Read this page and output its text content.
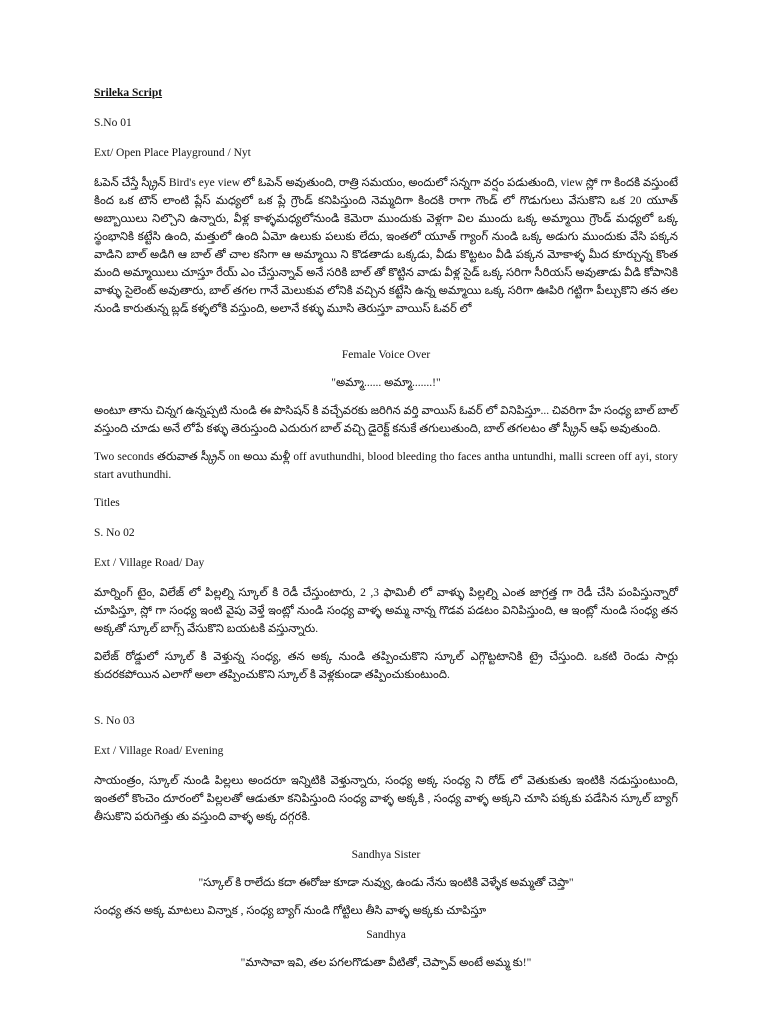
Srileka Script
S.No 01
Ext/ Open Place Playground / Nyt
ఓపెన్ చేస్తే స్క్రీన్ Bird's eye view లో ఓపెన్ అవుతుంది, రాత్రి సమయం, అందులో సన్నగా వర్షం పడుతుంది, view స్లో గా కిందకి వస్తుంటే కింద ఒక టౌన్ లాంటి ప్లేస్ మధ్యలో ఒక ప్లే గ్రౌండ్ కనిపిస్తుంది నెమ్మదిగా కిందకి రాగా గౌండ్ లో గొడుగులు వేసుకొని ఒక 20 యూత్ అబ్బాయిలు నిల్చొని ఉన్నారు, వీళ్ల కాళ్ళమధ్యలోనుండి కెమెరా ముందుకు వెళ్లగా విల ముందు ఒక్క అమ్మాయి గ్రౌండ్ మధ్యలో ఒక్క స్థంభానికి కట్టేసి ఉంది, మత్తులో ఉంది ఏమో ఉలుకు పలుకు లేదు, ఇంతలో యూత్ గ్యాంగ్ నుండి ఒక్క అడుగు ముందుకు వేసి పక్కన వాడిని బాల్ అడిగి ఆ బాల్ తో చాల కసిగా ఆ అమ్మాయి ని కొడతాడు ఒక్కడు, వీడు కొట్టటం వీడి పక్కన మోకాళ్ళ మీద కూర్చున్న కొంత మంది అమ్మాయిలు చూస్తూ రేయ్ ఎం చేస్తున్నావ్ అనే సరికి బాల్ తో కొట్టిన వాడు వీళ్ల సైడ్ ఒక్క సరిగా సీరియస్ అవుతాడు వీడి కోపానికి వాళ్ళు సైలెంట్ అవుతారు, బాల్ తగల గానే మెలుకువ లోనికి వచ్చిన కట్టేసి ఉన్న అమ్మాయి ఒక్క సరిగా ఊపిరి గట్టిగా పీల్చుకొని తన తల నుండి కారుతున్న బ్లడ్ కళ్ళలోకి వస్తుంది, అలానే కళ్ళు మూసి తెరుస్తూ వాయిస్ ఓవర్ లో
Female Voice Over
"అమ్మా...... అమ్మా.......!"
అంటూ తాను చిన్నగ ఉన్నప్పటి నుండి ఈ పొసిషన్ కి వచ్చేవరకు జరిగిన వర్తి వాయిస్ ఓవర్ లో వినిపిస్తూ... చివరిగా హే సంధ్య బాల్ బాల్ వస్తుంది చూడు అనే లోపే కళ్ళు తెరుస్తుంది ఎదురుగ బాల్ వచ్చి డైరెక్ట్ కనుకే తగులుతుంది, బాల్ తగలటం తో స్క్రీన్ ఆఫ్ అవుతుంది.
Two seconds తరువాత స్క్రీన్ on అయి మళ్లీ off avuthundhi, blood bleeding tho faces antha untundhi, malli screen off ayi, story start avuthundhi.
Titles
S. No 02
Ext / Village Road/ Day
మార్నింగ్ టైం, విలేజ్ లో పిల్లల్ని స్కూల్ కి రెడీ చేస్తుంటారు, 2 ,3 ఫామిలీ లో వాళ్ళు పిల్లల్ని ఎంత జాగ్రత్త గా రెడీ చేసి పంపిస్తున్నారో చూపిస్తూ, స్లో గా సంధ్య ఇంటి వైపు వెళ్తే ఇంట్లో నుండి సంధ్య వాళ్ళ అమ్మ నాన్న గొడవ పడటం వినిపిస్తుంది, ఆ ఇంట్లో నుండి సంధ్య తన అక్కతో స్కూల్ బాగ్స్ వేసుకొని బయటకి వస్తున్నారు.
విలేజ్ రోడ్డులో స్కూల్ కి వెళ్తున్న సంధ్య, తన అక్క నుండి తప్పించుకొని స్కూల్ ఎగ్గొట్టటానికి ట్రై చేస్తుంది. ఒకటి రెండు సార్లు కుదరకపోయిన ఎలాగో అలా తప్పించుకొని స్కూల్ కి వెళ్లకుండా తప్పించుకుంటుంది.
S. No 03
Ext / Village Road/ Evening
సాయంత్రం, స్కూల్ నుండి పిల్లలు అందరూ ఇన్నిటికి వెళ్తున్నారు, సంధ్య అక్క సంధ్య ని రోడ్ లో వెతుకుతు ఇంటికి నడుస్తుంటుంది, ఇంతలో కొంచెం దూరంలో పిల్లలతో ఆడుతూ కనిపిస్తుంది సంధ్య వాళ్ళ అక్కకి , సంధ్య వాళ్ళ అక్కని చూసి పక్కకు పడేసిన స్కూల్ బ్యాగ్ తీసుకొని పరుగెత్తు తు వస్తుంది వాళ్ళ అక్క దగ్గరకి.
Sandhya Sister
"స్కూల్ కి రాలేదు కదా ఈరోజు కూడా నువ్వు, ఉండు నేను ఇంటికి వెళ్ళేక అమ్మతో చెప్తా"
సంధ్య తన అక్క మాటలు విన్నాక , సంధ్య బ్యాగ్ నుండి గోట్టిలు తీసి వాళ్ళ అక్కకు చూపిస్తూ
Sandhya
"మాసావా ఇవి, తల పగలగొడుతా వీటితో, చెప్పావ్ అంటే అమ్మ కు!"
